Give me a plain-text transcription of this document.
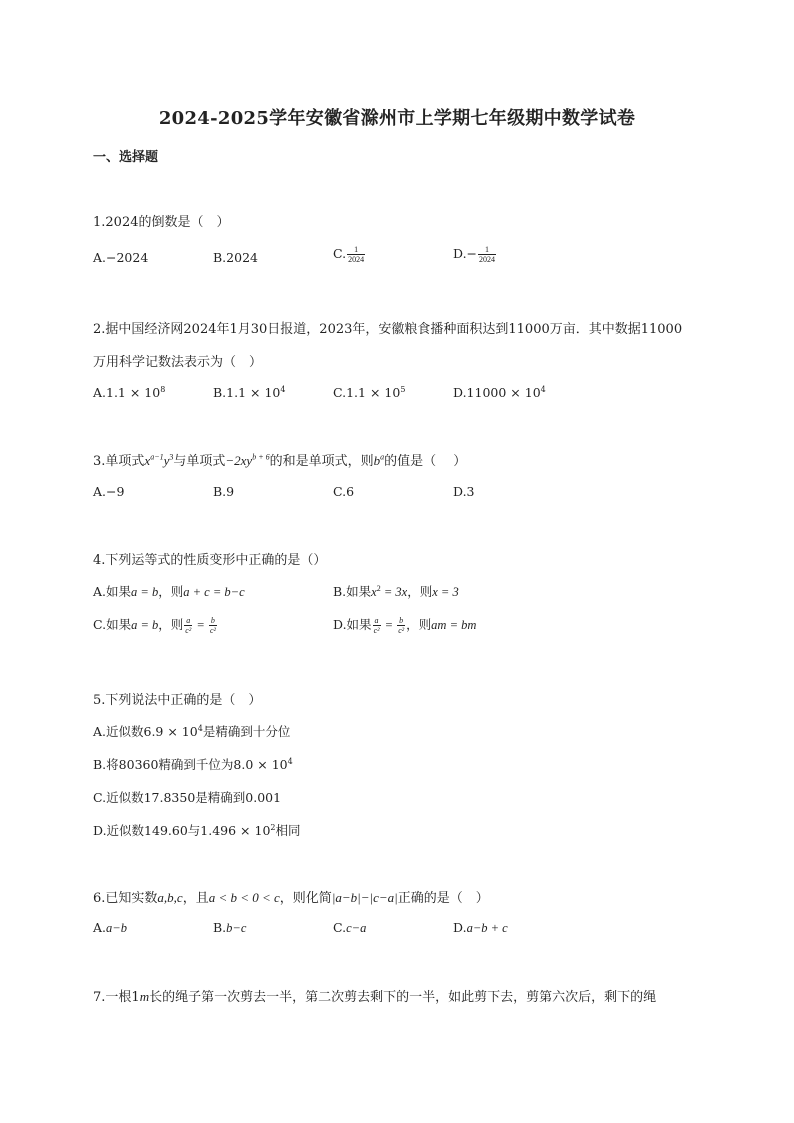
2024-2025学年安徽省滁州市上学期七年级期中数学试卷
一、选择题
1.2024的倒数是（　）
A.−2024	B.2024	C. $\frac{1}{2024}$	$D.- \frac{1}{2024}$
2.据中国经济网2024年1月30日报道，2023年，安徽粮食播种面积达到11000万亩．其中数据11000
万用科学记数法表示为（　）
$A.1.1 \times 10^8$	$B.1.1 \times 10^4$	$C.1.1 \times 10^5$	$D.11000 \times 10^4$
3.单项式$x^{a-1}y^3$与单项式$-2xy^{b + 6}$的和是单项式，则$b^a$的值是（　 ）
A.−9	B.9	C.6	D.3
4.下列运等式的性质变形中正确的是（）
A.如果a = b，则a + c = b−c	B.如果$x^2 = 3x$，则x = 3
C.如果a = b，则 $\frac{a}{\text{c²}} = \frac{b}{\text{c²}}$	D.如果 $\frac{a}{\text{c²}} = \frac{b}{\text{c²}}$ ，则am = bm
5.下列说法中正确的是（　）
A.近似数$6.9 \times 10^4$是精确到十分位
B.将80360精确到千位为$8.0 \times 10^4$
C.近似数17.8350是精确到0.001
D.近似数149.60与$1.496 \times 10^2$相同
6.已知实数a,b,c，且a < b < 0 < c，则化简|a−b|−|c−a|正确的是（　）
A.a−b	B.b−c	C.c−a	D.a−b + c
7.一根1m长的绳子第一次剪去一半，第二次剪去剩下的一半，如此剪下去，剪第六次后，剩下的绳
